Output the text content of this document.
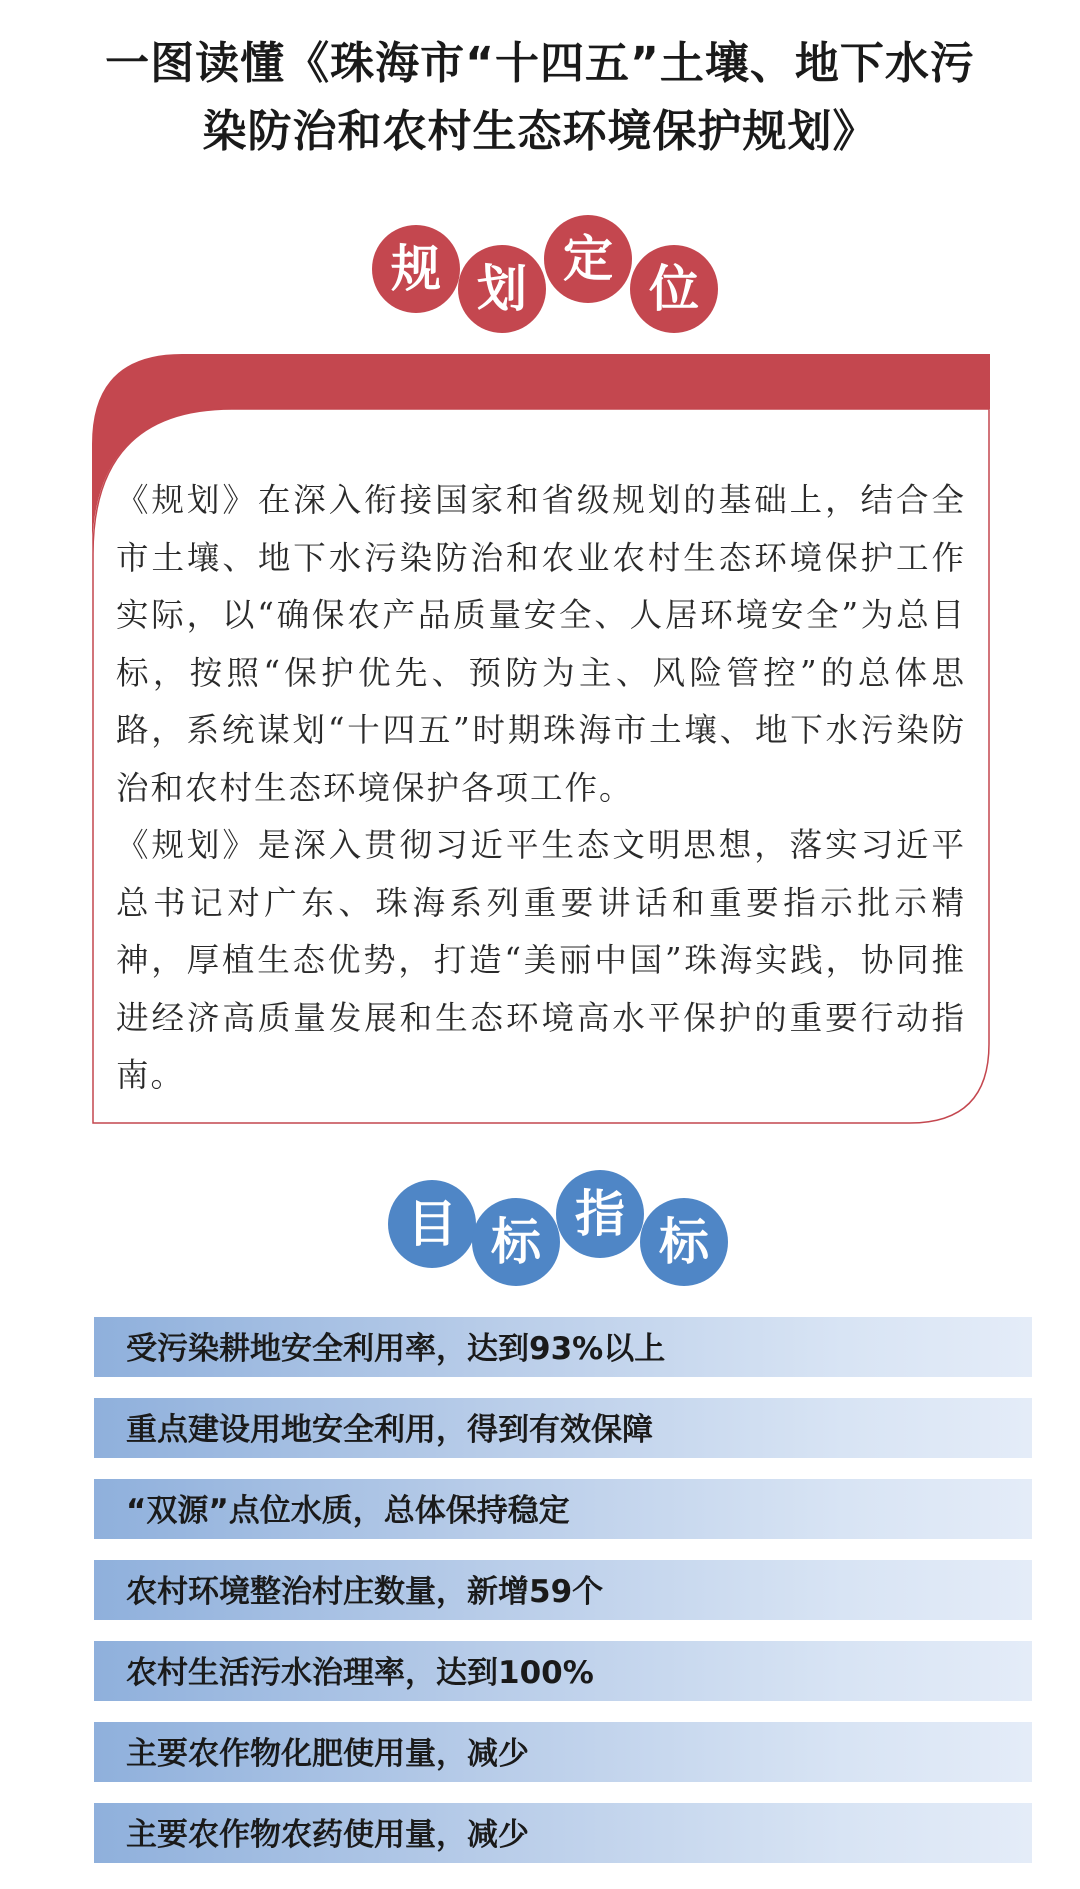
一图读懂《珠海市“十四五”土壤、地下水污
染防治和农村生态环境保护规划》
规 划
定
位

《规划》在深入衔接国家和省级规划的基础上，结合全市土壤、地下水污染防治和农业农村生态环境保护工作实际，以“确保农产品质量安全、人居环境安全”为总目标，按照“保护优先、预防为主、风险管控”的总体思路，系统谋划“十四五”时期珠海市土壤、地下水污染防治和农村生态环境保护各项工作。

《规划》是深入贯彻习近平生态文明思想，落实习近平总书记对广东、珠海系列重要讲话和重要指示批示精神，厚植生态优势，打造“美丽中国”珠海实践，协同推进经济高质量发展和生态环境高水平保护的重要行动指南。

目 标 指 标
受污染耕地安全利用率，达到93%以上
重点建设用地安全利用，得到有效保障
“双源”点位水质，总体保持稳定
农村环境整治村庄数量，新增59个
农村生活污水治理率，达到100%
主要农作物化肥使用量，减少
主要农作物农药使用量，减少
